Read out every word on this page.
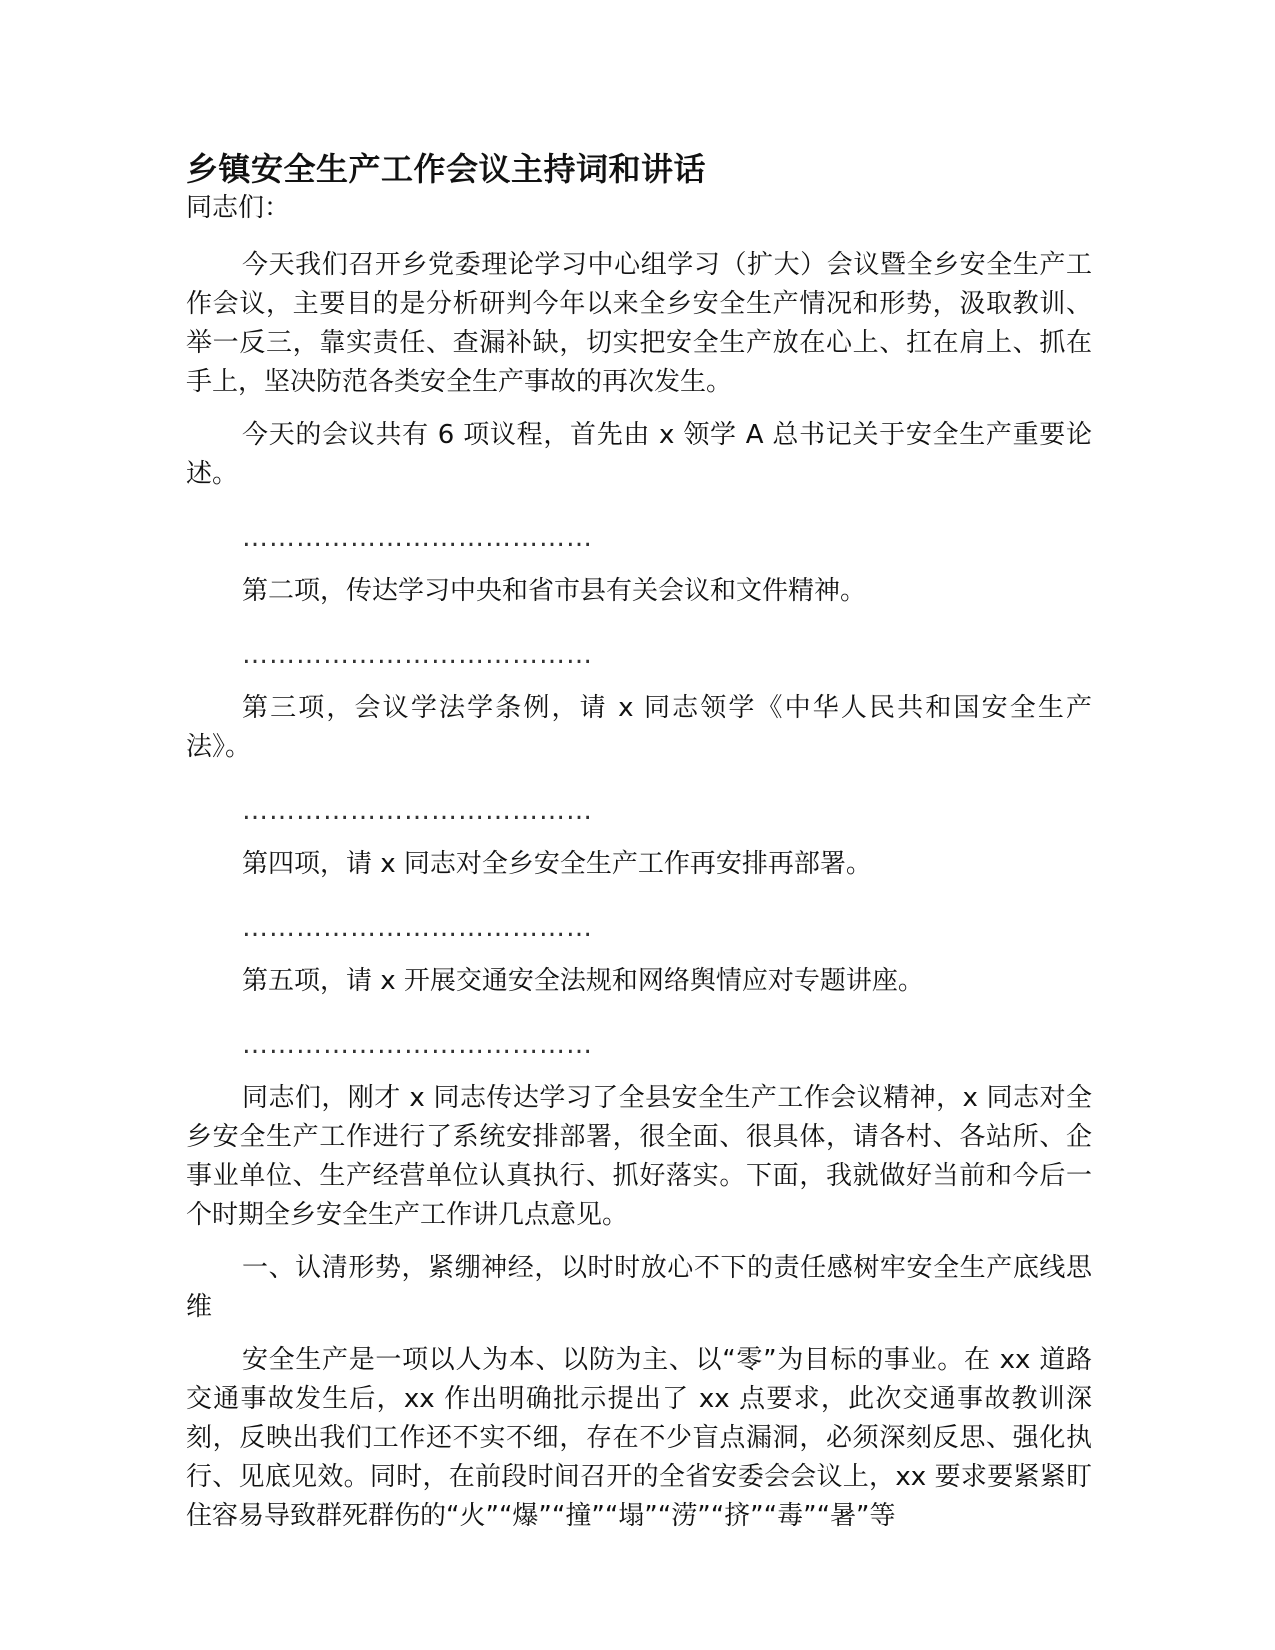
乡镇安全生产工作会议主持词和讲话

同志们：

今天我们召开乡党委理论学习中心组学习（扩大）会议暨全乡安全生产工作会议，主要目的是分析研判今年以来全乡安全生产情况和形势，汲取教训、举一反三，靠实责任、查漏补缺，切实把安全生产放在心上、扛在肩上、抓在手上，坚决防范各类安全生产事故的再次发生。

今天的会议共有 6 项议程，首先由 x 领学 A 总书记关于安全生产重要论述。

…………………………………

第二项，传达学习中央和省市县有关会议和文件精神。

…………………………………

第三项，会议学法学条例，请 x 同志领学《中华人民共和国安全生产法》。

…………………………………

第四项，请 x 同志对全乡安全生产工作再安排再部署。

…………………………………

第五项，请 x 开展交通安全法规和网络舆情应对专题讲座。

…………………………………

同志们，刚才 x 同志传达学习了全县安全生产工作会议精神，x 同志对全乡安全生产工作进行了系统安排部署，很全面、很具体，请各村、各站所、企事业单位、生产经营单位认真执行、抓好落实。下面，我就做好当前和今后一个时期全乡安全生产工作讲几点意见。

一、认清形势，紧绷神经，以时时放心不下的责任感树牢安全生产底线思维

安全生产是一项以人为本、以防为主、以“零”为目标的事业。在 xx 道路交通事故发生后，xx 作出明确批示提出了 xx 点要求，此次交通事故教训深刻，反映出我们工作还不实不细，存在不少盲点漏洞，必须深刻反思、强化执行、见底见效。同时，在前段时间召开的全省安委会会议上，xx 要求要紧紧盯住容易导致群死群伤的“火”“爆”“撞”“塌”“涝”“挤”“毒”“暑”等
